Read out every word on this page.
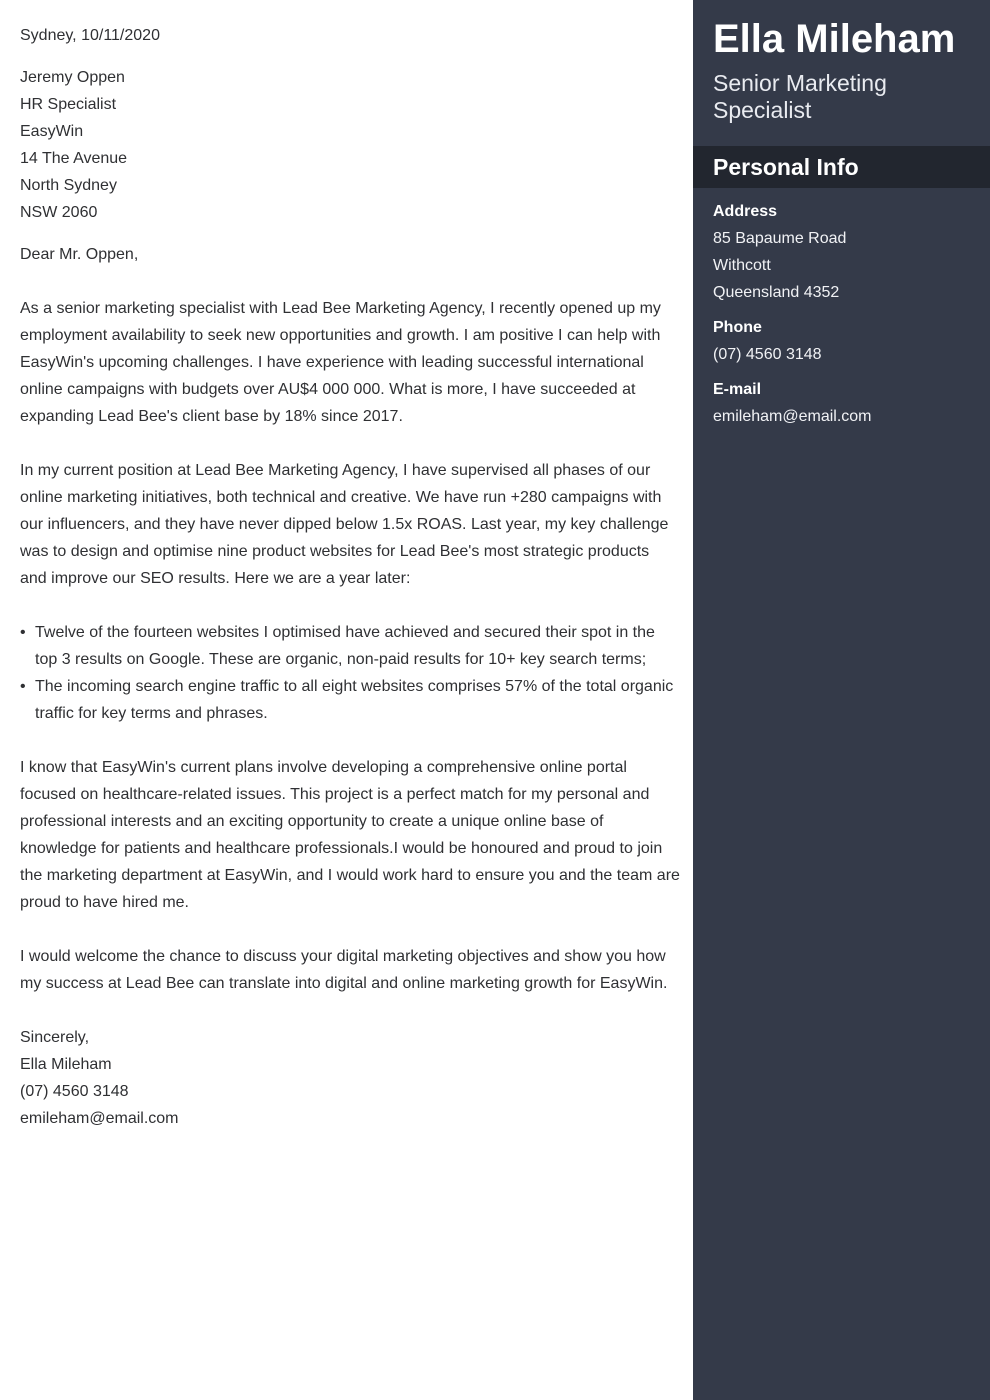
Sydney, 10/11/2020
Jeremy Oppen
HR Specialist
EasyWin
14 The Avenue
North Sydney
NSW 2060
Dear Mr. Oppen,

As a senior marketing specialist with Lead Bee Marketing Agency, I recently opened up my employment availability to seek new opportunities and growth. I am positive I can help with EasyWin's upcoming challenges. I have experience with leading successful international online campaigns with budgets over AU$4 000 000. What is more, I have succeeded at expanding Lead Bee's client base by 18% since 2017.

In my current position at Lead Bee Marketing Agency, I have supervised all phases of our online marketing initiatives, both technical and creative. We have run +280 campaigns with our influencers, and they have never dipped below 1.5x ROAS. Last year, my key challenge was to design and optimise nine product websites for Lead Bee's most strategic products and improve our SEO results. Here we are a year later:

• Twelve of the fourteen websites I optimised have achieved and secured their spot in the top 3 results on Google. These are organic, non-paid results for 10+ key search terms;
• The incoming search engine traffic to all eight websites comprises 57% of the total organic traffic for key terms and phrases.

I know that EasyWin's current plans involve developing a comprehensive online portal focused on healthcare-related issues. This project is a perfect match for my personal and professional interests and an exciting opportunity to create a unique online base of knowledge for patients and healthcare professionals.I would be honoured and proud to join the marketing department at EasyWin, and I would work hard to ensure you and the team are proud to have hired me.

I would welcome the chance to discuss your digital marketing objectives and show you how my success at Lead Bee can translate into digital and online marketing growth for EasyWin.

Sincerely,
Ella Mileham
(07) 4560 3148
emileham@email.com
Ella Mileham
Senior Marketing Specialist
Personal Info
Address
85 Bapaume Road
Withcott
Queensland 4352
Phone
(07) 4560 3148
E-mail
emileham@email.com
